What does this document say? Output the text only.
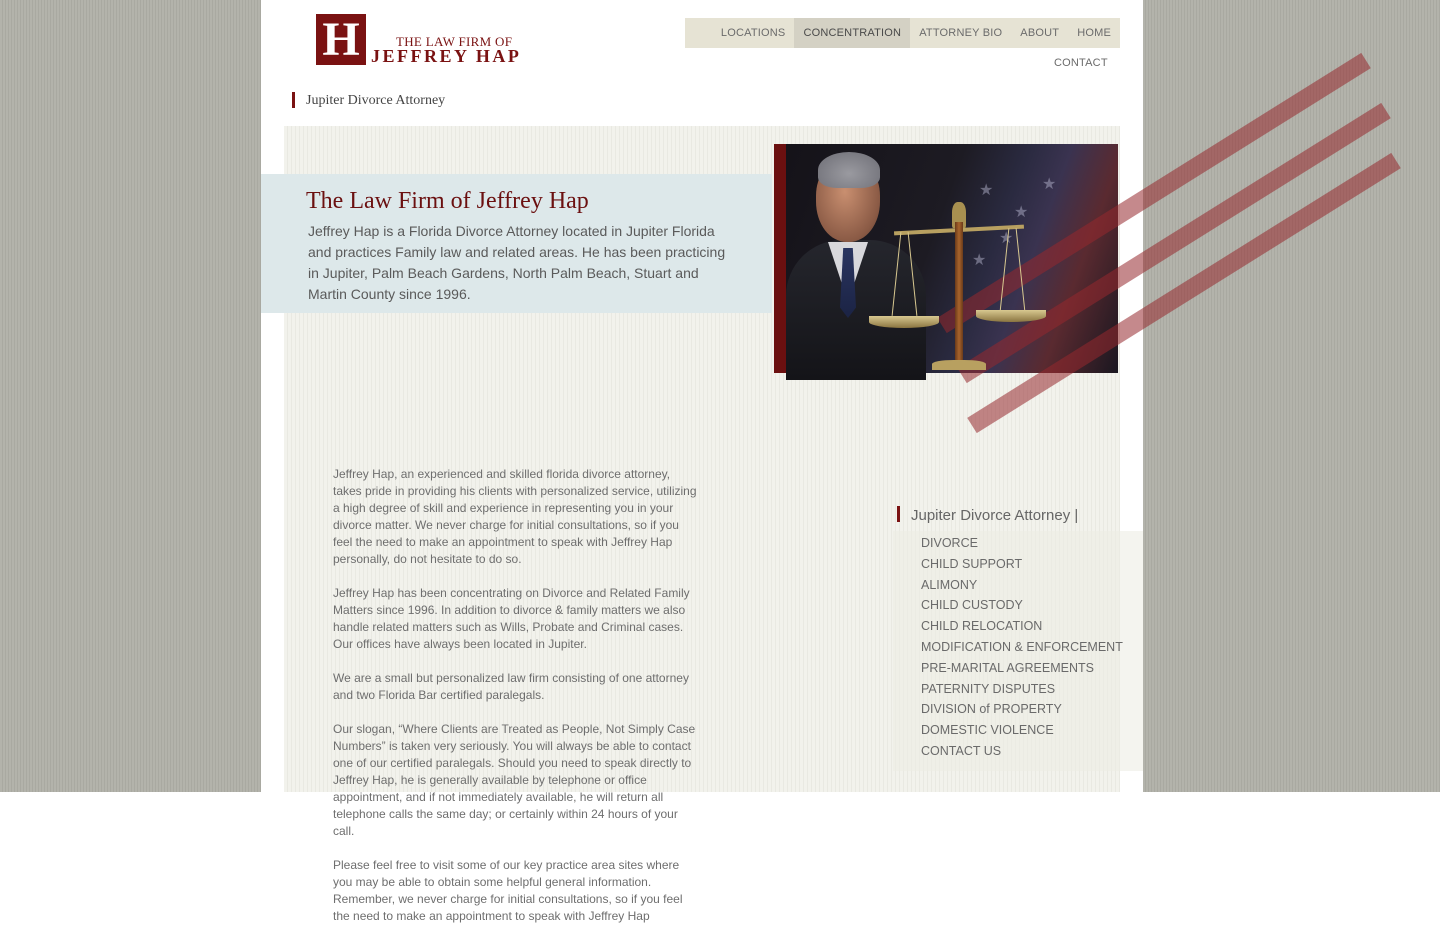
H	THE LAW FIRM OF
JEFFREY HAP
LOCATIONS	CONCENTRATION	ATTORNEY BIO	ABOUT	HOME
CONTACT
Jupiter Divorce Attorney

Jeffrey Hap, an experienced and skilled florida divorce attorney, takes pride in providing his clients with personalized service, utilizing a high degree of skill and experience in representing you in your divorce matter. We never charge for initial consultations, so if you feel the need to make an appointment to speak with Jeffrey Hap personally, do not hesitate to do so.

Jeffrey Hap has been concentrating on Divorce and Related Family Matters since 1996. In addition to divorce & family matters we also handle related matters such as Wills, Probate and Criminal cases. Our offices have always been located in Jupiter.

We are a small but personalized law firm consisting of one attorney and two Florida Bar certified paralegals.

Our slogan, “Where Clients are Treated as People, Not Simply Case Numbers” is taken very seriously. You will always be able to contact one of our certified paralegals. Should you need to speak directly to Jeffrey Hap, he is generally available by telephone or office appointment, and if not immediately available, he will return all telephone calls the same day; or certainly within 24 hours of your call.

Please feel free to visit some of our key practice area sites where you may be able to obtain some helpful general information. Remember, we never charge for initial consultations, so if you feel the need to make an appointment to speak with Jeffrey Hap

Jupiter Divorce Attorney |
DIVORCE
CHILD SUPPORT
ALIMONY
CHILD CUSTODY
CHILD RELOCATION
MODIFICATION & ENFORCEMENT
PRE-MARITAL AGREEMENTS
PATERNITY DISPUTES
DIVISION of PROPERTY
DOMESTIC VIOLENCE
CONTACT US
The Law Firm of Jeffrey Hap
Jeffrey Hap is a Florida Divorce Attorney located in Jupiter Florida and practices Family law and related areas. He has been practicing in Jupiter, Palm Beach Gardens, North Palm Beach, Stuart and Martin County since 1996.
★
★
★
★
★
